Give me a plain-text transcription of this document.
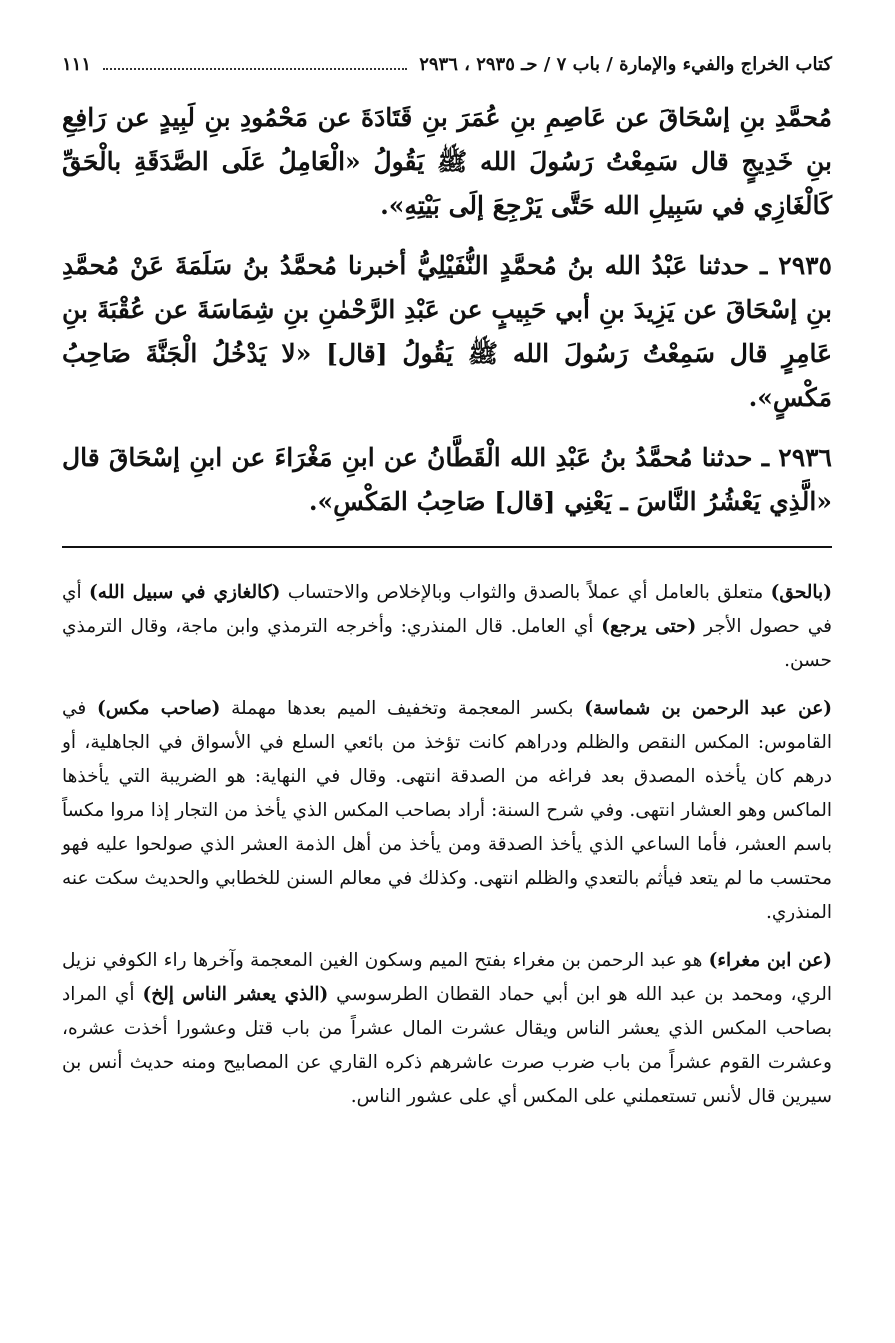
كتاب الخراج والفيء والإمارة / باب ٧ / حـ ٢٩٣٥ ، ٢٩٣٦
١١١

مُحمَّدِ بنِ إسْحَاقَ عن عَاصِمِ بنِ عُمَرَ بنِ قَتَادَةَ عن مَحْمُودِ بنِ لَبِيدٍ عن رَافِعِ بنِ خَدِيجٍ قال سَمِعْتُ رَسُولَ الله ﷺ يَقُولُ «الْعَامِلُ عَلَى الصَّدَقَةِ بالْحَقِّ كَالْغَازِي في سَبِيلِ الله حَتَّى يَرْجِعَ إلَى بَيْتِهِ».

٢٩٣٥ ـ حدثنا عَبْدُ الله بنُ مُحمَّدٍ النُّفَيْلِيُّ أخبرنا مُحمَّدُ بنُ سَلَمَةَ عَنْ مُحمَّدِ بنِ إسْحَاقَ عن يَزِيدَ بنِ أبي حَبِيبٍ عن عَبْدِ الرَّحْمٰنِ بنِ شِمَاسَةَ عن عُقْبَةَ بنِ عَامِرٍ قال سَمِعْتُ رَسُولَ الله ﷺ يَقُولُ [قال] «لا يَدْخُلُ الْجَنَّةَ صَاحِبُ مَكْسٍ».

٢٩٣٦ ـ حدثنا مُحمَّدُ بنُ عَبْدِ الله الْقَطَّانُ عن ابنِ مَغْرَاءَ عن ابنِ إسْحَاقَ قال «الَّذِي يَعْشُرُ النَّاسَ ـ يَعْنِي [قال] صَاحِبُ المَكْسِ».

(بالحق) متعلق بالعامل أي عملاً بالصدق والثواب وبالإخلاص والاحتساب (كالغازي في سبيل الله) أي في حصول الأجر (حتى يرجع) أي العامل. قال المنذري: وأخرجه الترمذي وابن ماجة، وقال الترمذي حسن.

(عن عبد الرحمن بن شماسة) بكسر المعجمة وتخفيف الميم بعدها مهملة (صاحب مكس) في القاموس: المكس النقص والظلم ودراهم كانت تؤخذ من بائعي السلع في الأسواق في الجاهلية، أو درهم كان يأخذه المصدق بعد فراغه من الصدقة انتهى. وقال في النهاية: هو الضريبة التي يأخذها الماكس وهو العشار انتهى. وفي شرح السنة: أراد بصاحب المكس الذي يأخذ من التجار إذا مروا مكساً باسم العشر، فأما الساعي الذي يأخذ الصدقة ومن يأخذ من أهل الذمة العشر الذي صولحوا عليه فهو محتسب ما لم يتعد فيأثم بالتعدي والظلم انتهى. وكذلك في معالم السنن للخطابي والحديث سكت عنه المنذري.

(عن ابن مغراء) هو عبد الرحمن بن مغراء بفتح الميم وسكون الغين المعجمة وآخرها راء الكوفي نزيل الري، ومحمد بن عبد الله هو ابن أبي حماد القطان الطرسوسي (الذي يعشر الناس إلخ) أي المراد بصاحب المكس الذي يعشر الناس ويقال عشرت المال عشراً من باب قتل وعشورا أخذت عشره، وعشرت القوم عشراً من باب ضرب صرت عاشرهم ذكره القاري عن المصابيح ومنه حديث أنس بن سيرين قال لأنس تستعملني على المكس أي على عشور الناس.
